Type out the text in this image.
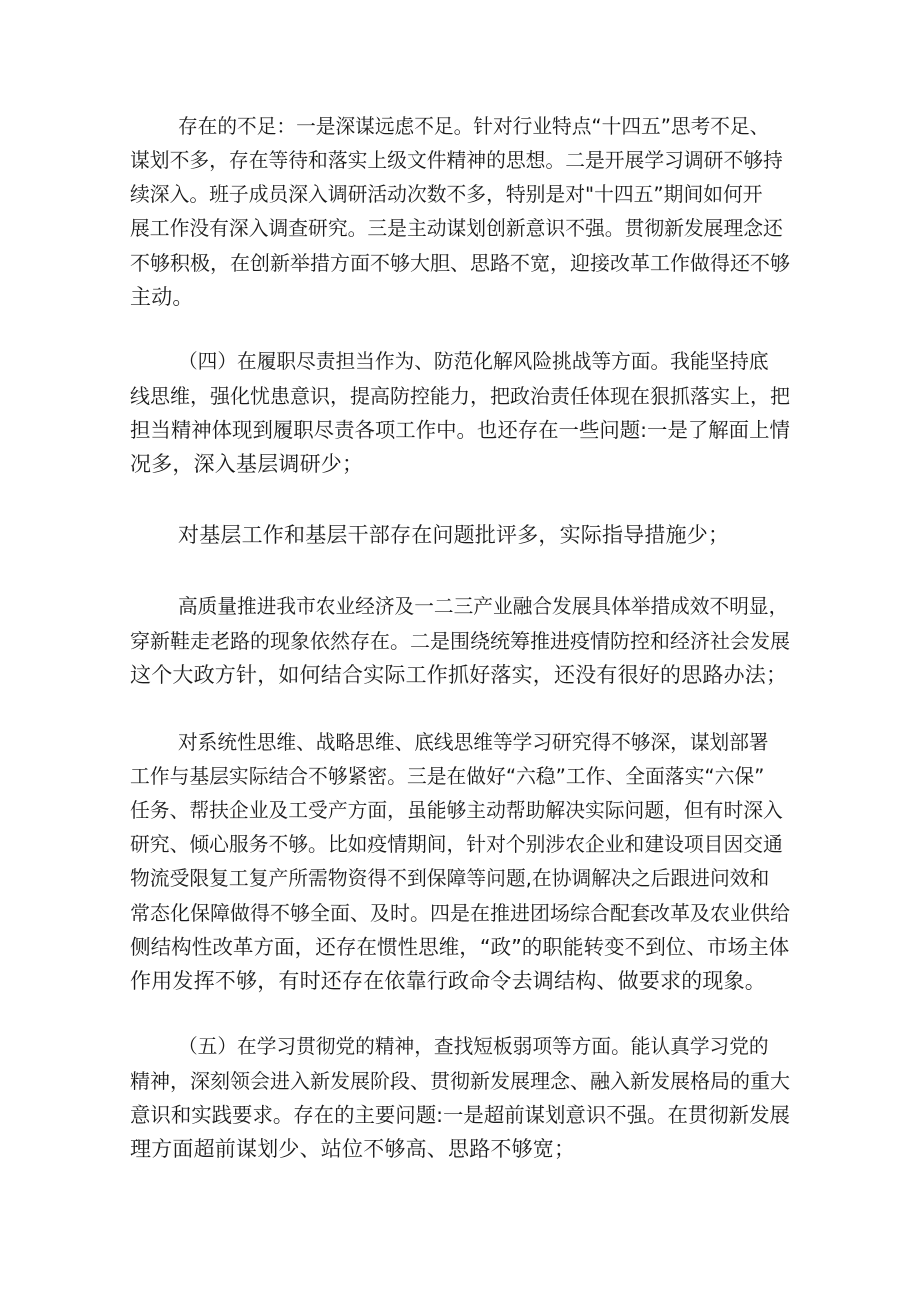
存在的不足：一是深谋远虑不足。针对行业特点“十四五”思考不足、
谋划不多，存在等待和落实上级文件精神的思想。二是开展学习调研不够持
续深入。班子成员深入调研活动次数不多，特别是对"十四五”期间如何开
展工作没有深入调查研究。三是主动谋划创新意识不强。贯彻新发展理念还
不够积极，在创新举措方面不够大胆、思路不宽，迎接改革工作做得还不够
主动。
（四）在履职尽责担当作为、防范化解风险挑战等方面。我能坚持底
线思维，强化忧患意识，提高防控能力，把政治责任体现在狠抓落实上，把
担当精神体现到履职尽责各项工作中。也还存在一些问题:一是了解面上情
况多，深入基层调研少；
对基层工作和基层干部存在问题批评多，实际指导措施少；
高质量推进我市农业经济及一二三产业融合发展具体举措成效不明显，
穿新鞋走老路的现象依然存在。二是围绕统筹推进疫情防控和经济社会发展
这个大政方针，如何结合实际工作抓好落实，还没有很好的思路办法；
对系统性思维、战略思维、底线思维等学习研究得不够深，谋划部署
工作与基层实际结合不够紧密。三是在做好“六稳”工作、全面落实“六保”
任务、帮扶企业及工受产方面，虽能够主动帮助解决实际问题，但有时深入
研究、倾心服务不够。比如疫情期间，针对个别涉农企业和建设项目因交通
物流受限复工复产所需物资得不到保障等问题,在协调解决之后跟进问效和
常态化保障做得不够全面、及时。四是在推进团场综合配套改革及农业供给
侧结构性改革方面，还存在惯性思维，“政”的职能转变不到位、市场主体
作用发挥不够，有时还存在依靠行政命令去调结构、做要求的现象。
（五）在学习贯彻党的精神，查找短板弱项等方面。能认真学习党的
精神，深刻领会进入新发展阶段、贯彻新发展理念、融入新发展格局的重大
意识和实践要求。存在的主要问题:一是超前谋划意识不强。在贯彻新发展
理方面超前谋划少、站位不够高、思路不够宽；
